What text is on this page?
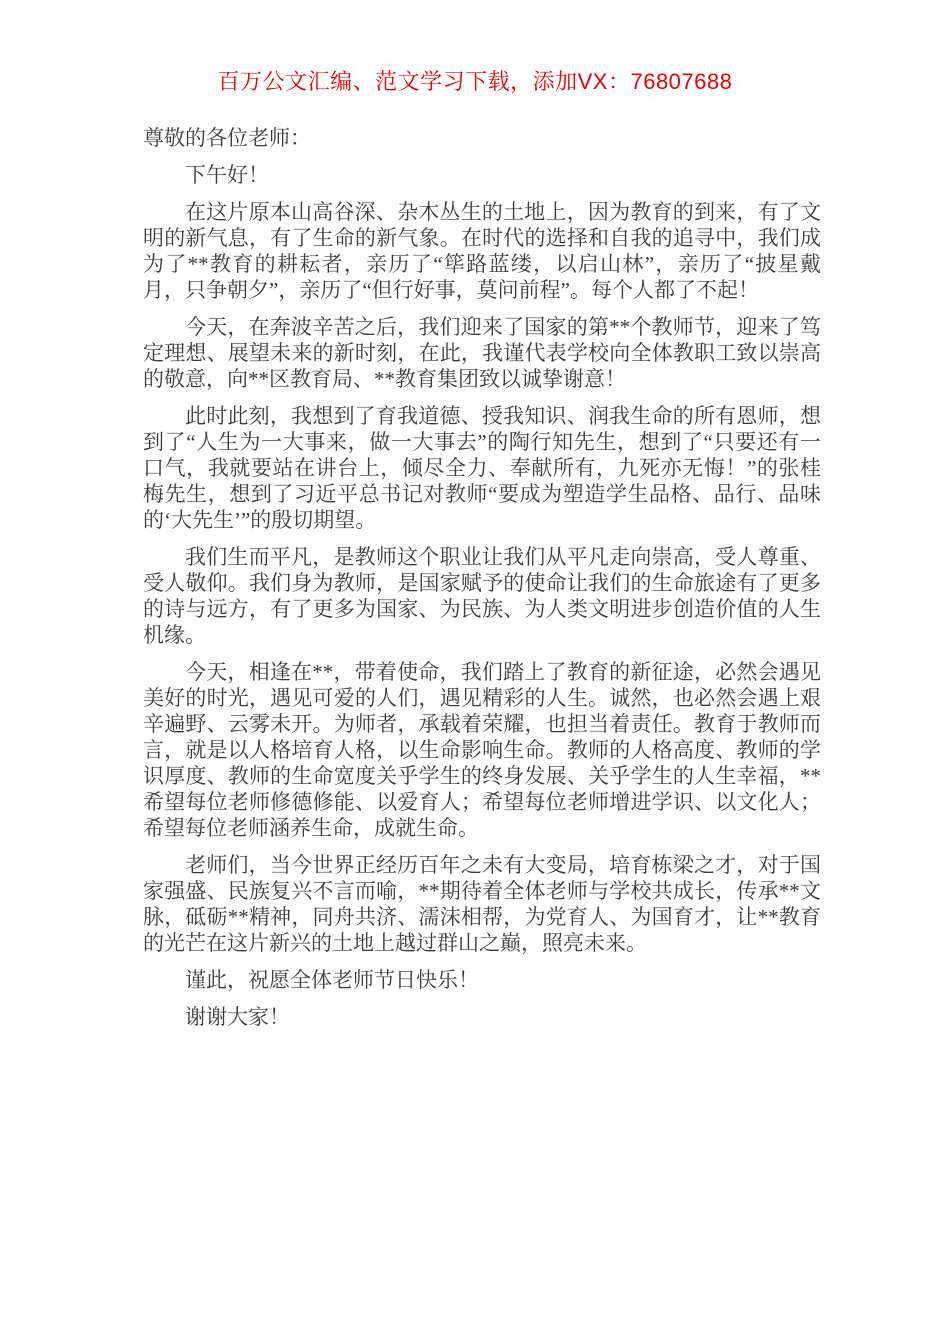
百万公文汇编、范文学习下载，添加VX：76807688

尊敬的各位老师：

下午好！

在这片原本山高谷深、杂木丛生的土地上，因为教育的到来，有了文明的新气息，有了生命的新气象。在时代的选择和自我的追寻中，我们成为了**教育的耕耘者，亲历了“筚路蓝缕，以启山林”，亲历了“披星戴月，只争朝夕”，亲历了“但行好事，莫问前程”。每个人都了不起！

今天，在奔波辛苦之后，我们迎来了国家的第**个教师节，迎来了笃定理想、展望未来的新时刻，在此，我谨代表学校向全体教职工致以崇高的敬意，向**区教育局、**教育集团致以诚挚谢意！

此时此刻，我想到了育我道德、授我知识、润我生命的所有恩师，想到了“人生为一大事来，做一大事去”的陶行知先生，想到了“只要还有一口气，我就要站在讲台上，倾尽全力、奉献所有，九死亦无悔！”的张桂梅先生，想到了习近平总书记对教师“要成为塑造学生品格、品行、品味的‘大先生’”的殷切期望。

我们生而平凡，是教师这个职业让我们从平凡走向崇高，受人尊重、受人敬仰。我们身为教师，是国家赋予的使命让我们的生命旅途有了更多的诗与远方，有了更多为国家、为民族、为人类文明进步创造价值的人生机缘。

今天，相逢在**，带着使命，我们踏上了教育的新征途，必然会遇见美好的时光，遇见可爱的人们，遇见精彩的人生。诚然，也必然会遇上艰辛遍野、云雾未开。为师者，承载着荣耀，也担当着责任。教育于教师而言，就是以人格培育人格，以生命影响生命。教师的人格高度、教师的学识厚度、教师的生命宽度关乎学生的终身发展、关乎学生的人生幸福，**希望每位老师修德修能、以爱育人；希望每位老师增进学识、以文化人；希望每位老师涵养生命，成就生命。

老师们，当今世界正经历百年之未有大变局，培育栋梁之才，对于国家强盛、民族复兴不言而喻，**期待着全体老师与学校共成长，传承**文脉，砥砺**精神，同舟共济、濡沫相帮，为党育人、为国育才，让**教育的光芒在这片新兴的土地上越过群山之巅，照亮未来。

谨此，祝愿全体老师节日快乐！

谢谢大家！
